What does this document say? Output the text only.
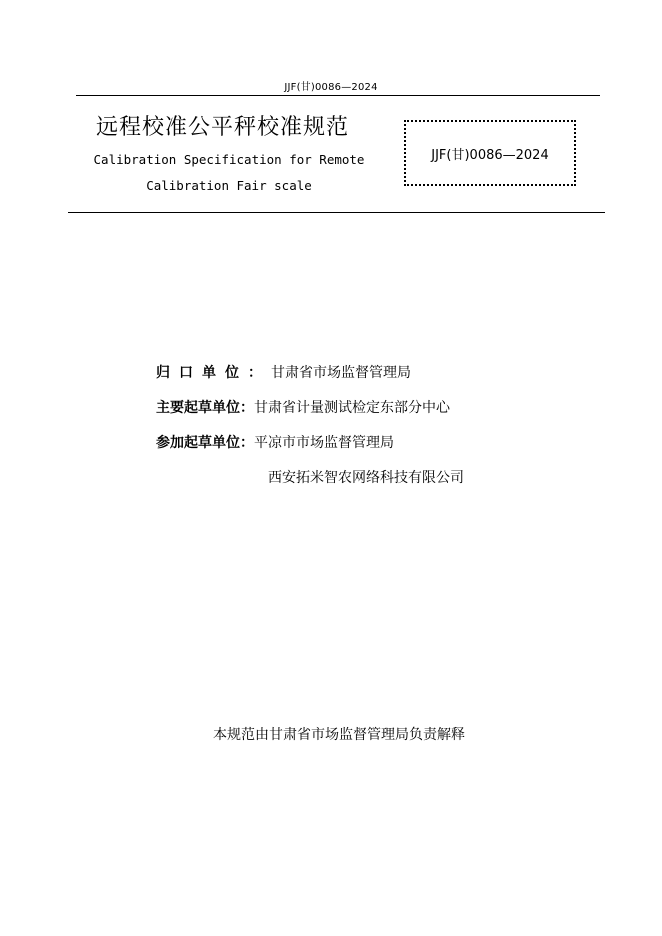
JJF(甘)0086—2024
远程校准公平秤校准规范
Calibration Specification for Remote
Calibration Fair scale
JJF(甘)0086—2024
归口单位：甘肃省市场监督管理局
主要起草单位：甘肃省计量测试检定东部分中心
参加起草单位：平凉市市场监督管理局
西安拓米智农网络科技有限公司
本规范由甘肃省市场监督管理局负责解释
